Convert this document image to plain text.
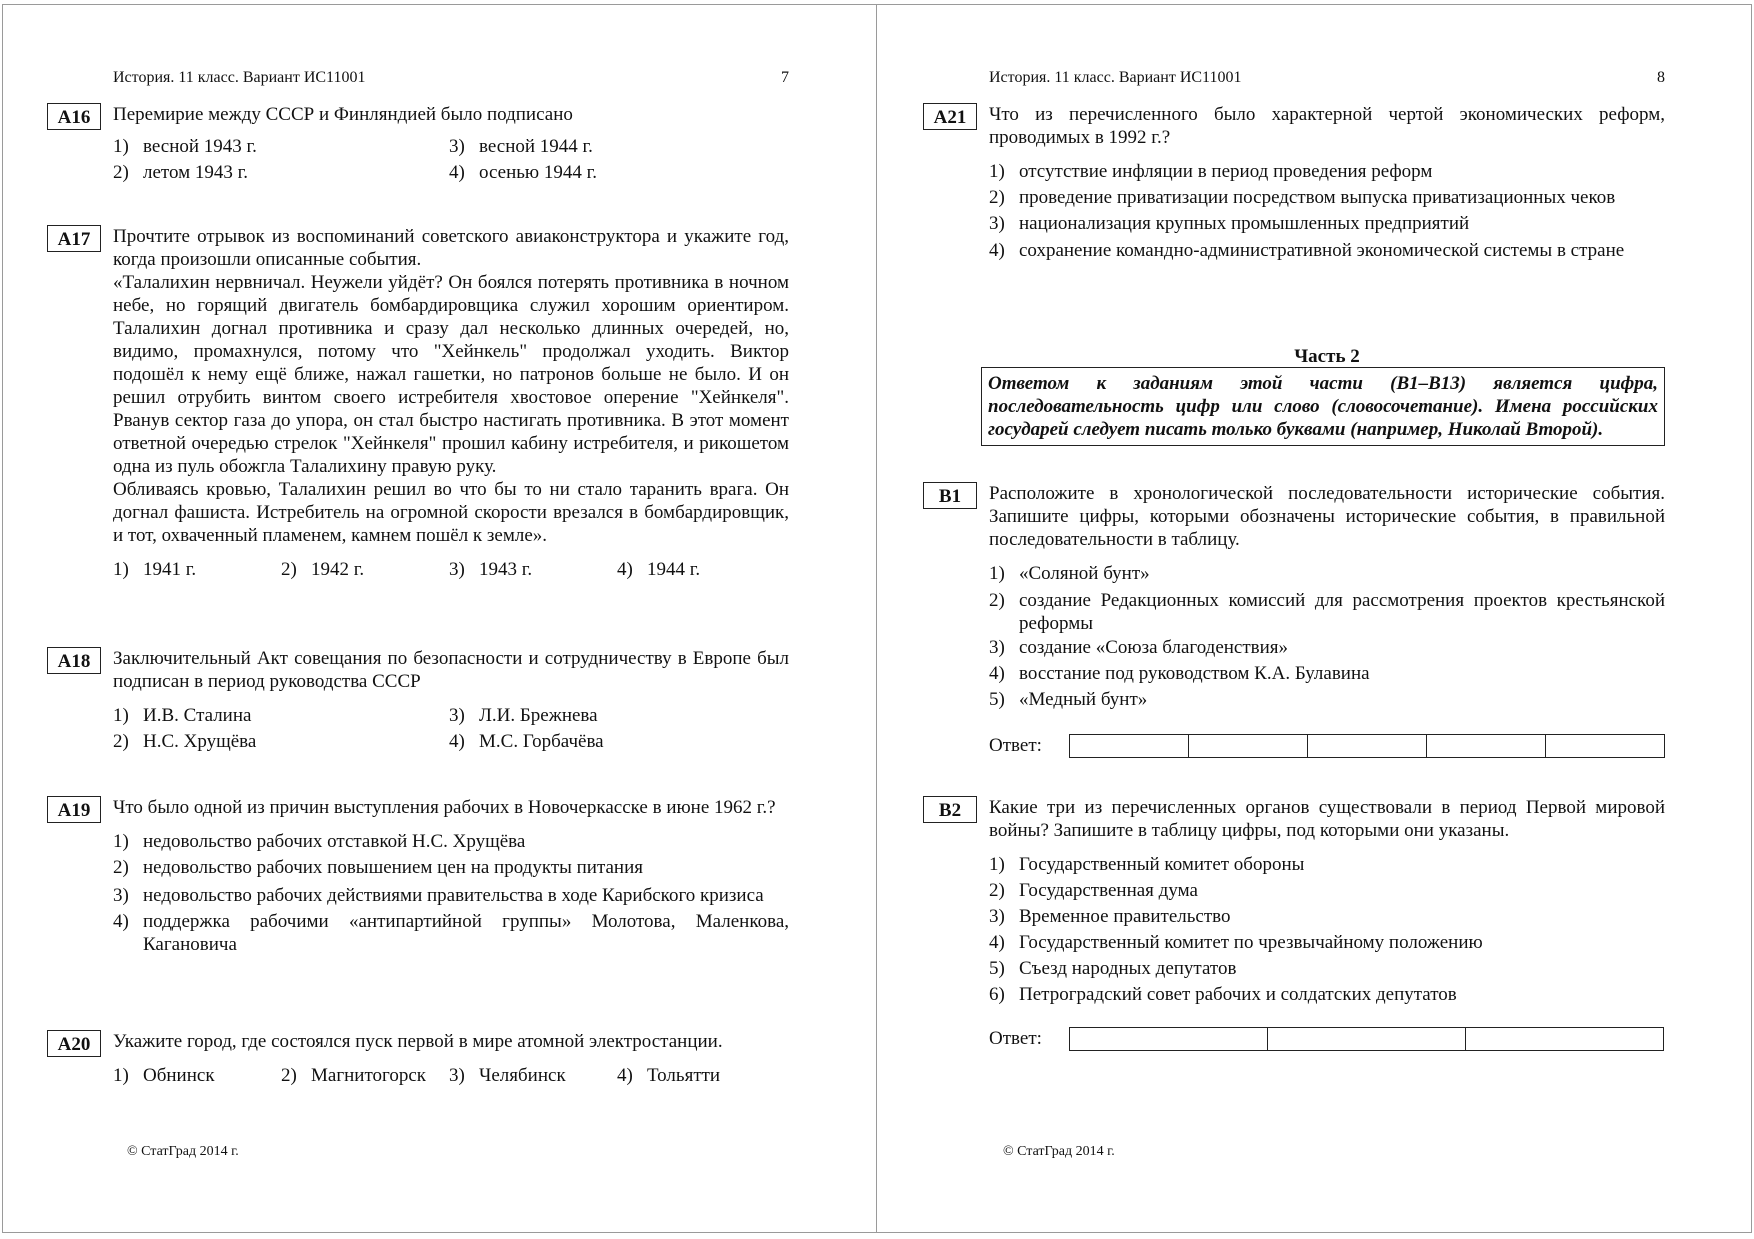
История. 11 класс. Вариант ИС11001	7
А16	Перемирие между СССР и Финляндией было подписано

1) весной 1943 г.	3) весной 1944 г.
2) летом 1943 г.	4) осенью 1944 г.
А17	Прочтите отрывок из воспоминаний советского авиаконструктора и укажите год, когда произошли описанные события.

«Талалихин нервничал. Неужели уйдёт? Он боялся потерять противника в ночном небе, но горящий двигатель бомбардировщика служил хорошим ориентиром. Талалихин догнал противника и сразу дал несколько длинных очередей, но, видимо, промахнулся, потому что "Хейнкель" продолжал уходить. Виктор подошёл к нему ещё ближе, нажал гашетки, но патронов больше не было. И он решил отрубить винтом своего истребителя хвостовое оперение "Хейнкеля". Рванув сектор газа до упора, он стал быстро настигать противника. В этот момент ответной очередью стрелок "Хейнкеля" прошил кабину истребителя, и рикошетом одна из пуль обожгла Талалихину правую руку.

Обливаясь кровью, Талалихин решил во что бы то ни стало таранить врага. Он догнал фашиста. Истребитель на огромной скорости врезался в бомбардировщик, и тот, охваченный пламенем, камнем пошёл к земле».

1) 1941 г.	2) 1942 г.	3) 1943 г.	4) 1944 г.
А18	Заключительный Акт совещания по безопасности и сотрудничеству в Европе был подписан в период руководства СССР

1) И.В. Сталина	3) Л.И. Брежнева
2) Н.С. Хрущёва	4) М.С. Горбачёва
А19	Что было одной из причин выступления рабочих в Новочеркасске в июне 1962 г.?

1) недовольство рабочих отставкой Н.С. Хрущёва
2) недовольство рабочих повышением цен на продукты питания
3) недовольство рабочих действиями правительства в ходе Карибского кризиса
4) поддержка рабочими «антипартийной группы» Молотова, Маленкова, Кагановича
А20	Укажите город, где состоялся пуск первой в мире атомной электростанции.

1) Обнинск	2) Магнитогорск	3) Челябинск	4) Тольятти
© СтатГрад 2014 г.
История. 11 класс. Вариант ИС11001	8
А21	Что из перечисленного было характерной чертой экономических реформ, проводимых в 1992 г.?

1) отсутствие инфляции в период проведения реформ
2) проведение приватизации посредством выпуска приватизационных чеков
3) национализация крупных промышленных предприятий
4) сохранение командно-административной экономической системы в стране
Часть 2
Ответом к заданиям этой части (В1–В13) является цифра, последовательность цифр или слово (словосочетание). Имена российских государей следует писать только буквами (например, Николай Второй).
В1	Расположите в хронологической последовательности исторические события. Запишите цифры, которыми обозначены исторические события, в правильной последовательности в таблицу.

1) «Соляной бунт»
2) создание Редакционных комиссий для рассмотрения проектов крестьянской реформы
3) создание «Союза благоденствия»
4) восстание под руководством К.А. Булавина
5) «Медный бунт»
Ответ:
В2	Какие три из перечисленных органов существовали в период Первой мировой войны? Запишите в таблицу цифры, под которыми они указаны.

1) Государственный комитет обороны
2) Государственная дума
3) Временное правительство
4) Государственный комитет по чрезвычайному положению
5) Съезд народных депутатов
6) Петроградский совет рабочих и солдатских депутатов
Ответ:
© СтатГрад 2014 г.
